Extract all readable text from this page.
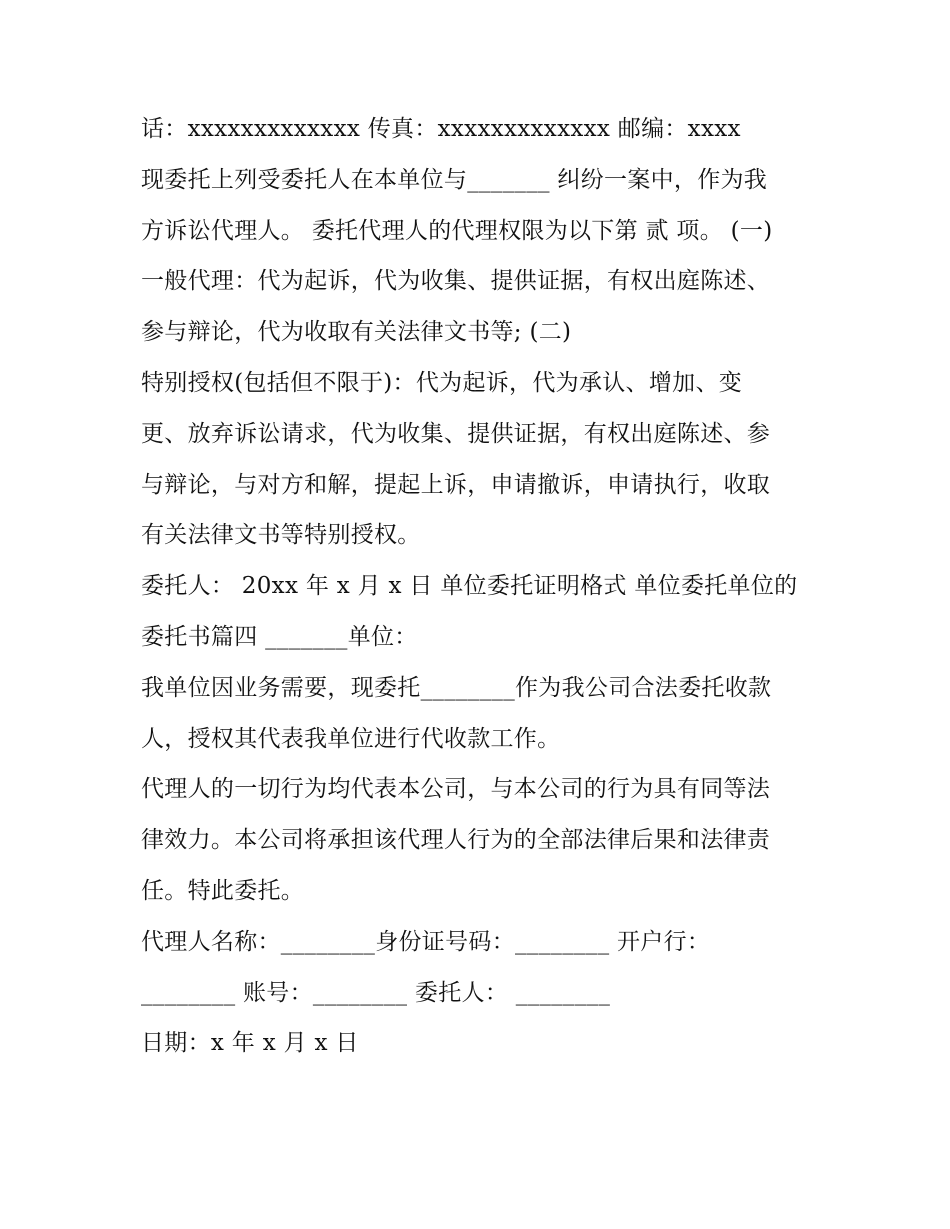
话：xxxxxxxxxxxxx 传真：xxxxxxxxxxxxx 邮编：xxxx
现委托上列受委托人在本单位与_______ 纠纷一案中，作为我
方诉讼代理人。 委托代理人的代理权限为以下第 贰 项。 (一)
一般代理：代为起诉，代为收集、提供证据，有权出庭陈述、
参与辩论，代为收取有关法律文书等; (二)
特别授权(包括但不限于)：代为起诉，代为承认、增加、变
更、放弃诉讼请求，代为收集、提供证据，有权出庭陈述、参
与辩论，与对方和解，提起上诉，申请撤诉，申请执行，收取
有关法律文书等特别授权。
委托人： 20xx 年 x 月 x 日 单位委托证明格式 单位委托单位的
委托书篇四 _______单位：
我单位因业务需要，现委托________作为我公司合法委托收款
人，授权其代表我单位进行代收款工作。
代理人的一切行为均代表本公司，与本公司的行为具有同等法
律效力。本公司将承担该代理人行为的全部法律后果和法律责
任。特此委托。
代理人名称：________身份证号码：________ 开户行：
________ 账号：________ 委托人： ________
日期：x 年 x 月 x 日
